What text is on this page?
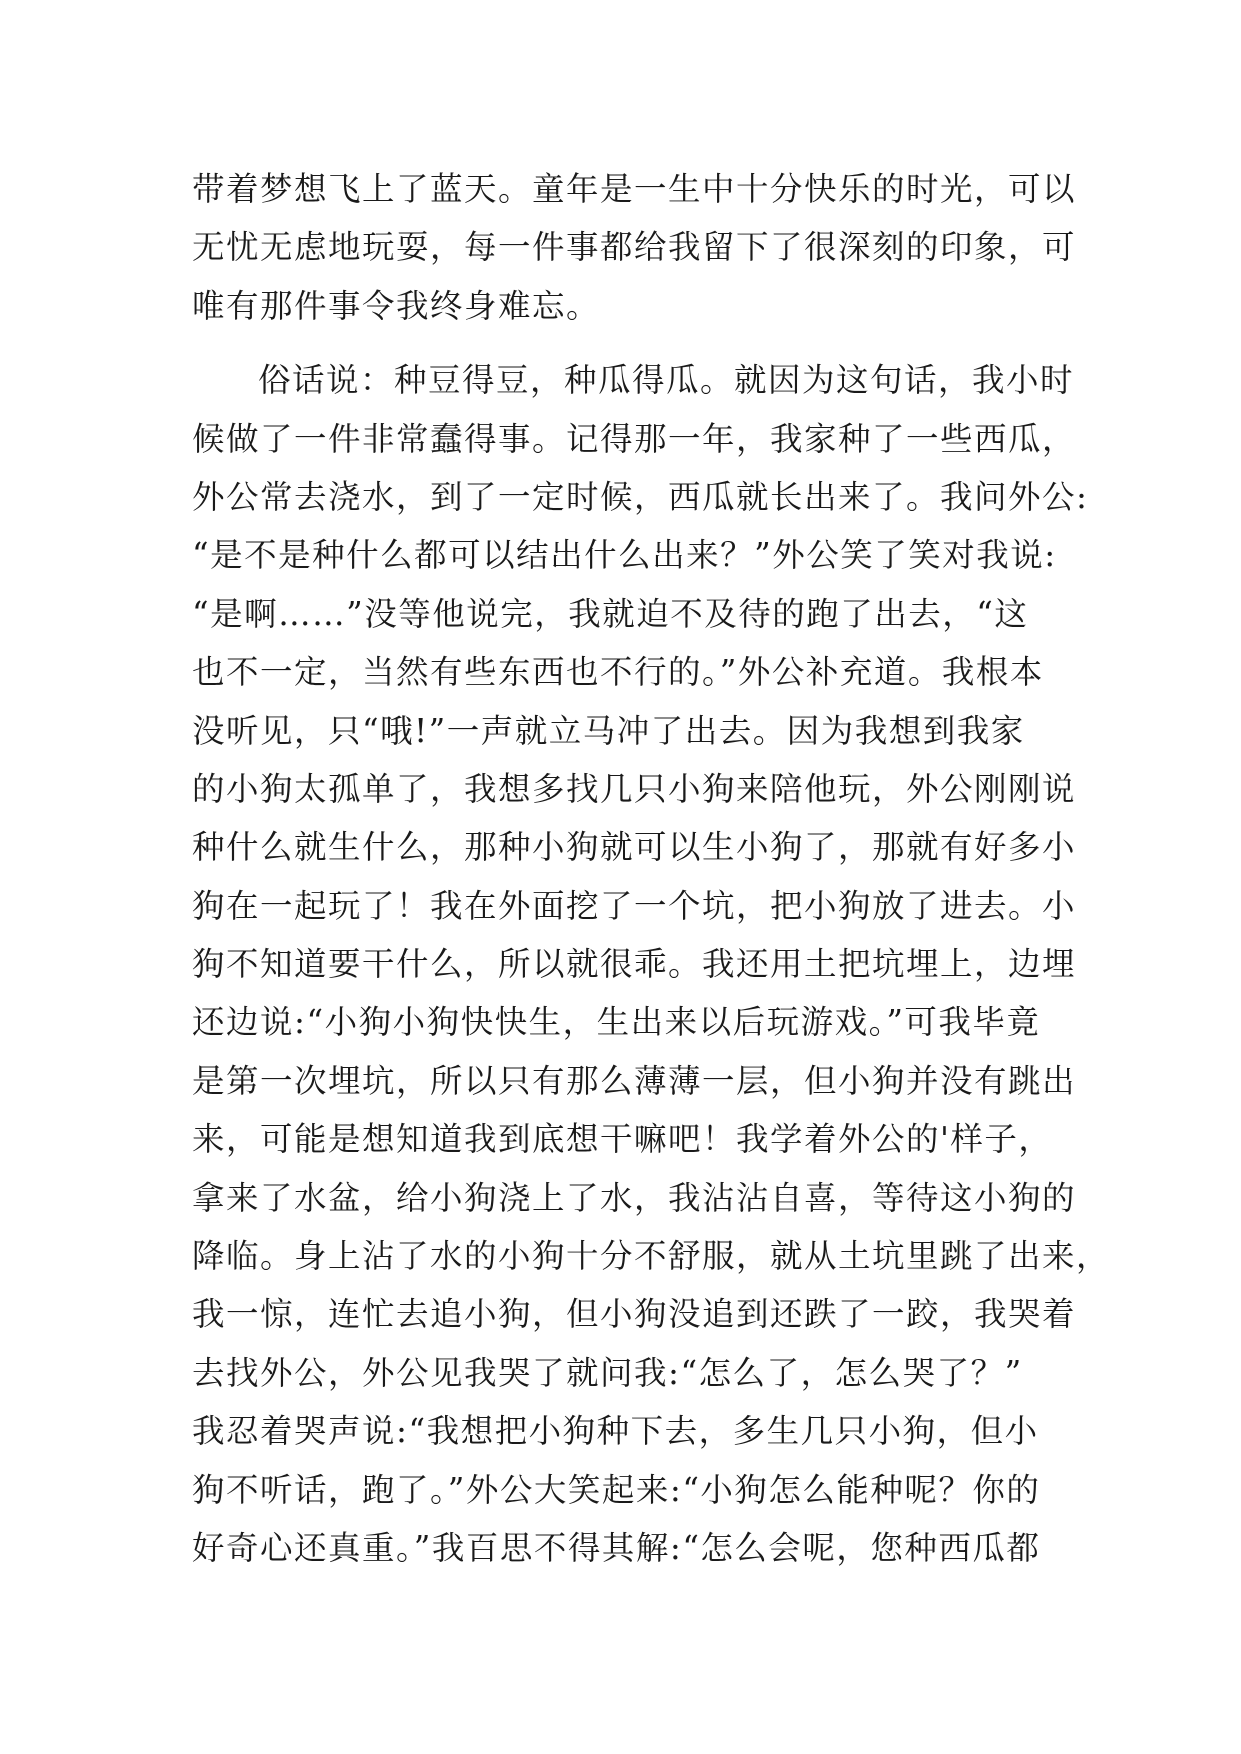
带着梦想飞上了蓝天。童年是一生中十分快乐的时光，可以
无忧无虑地玩耍，每一件事都给我留下了很深刻的印象，可
唯有那件事令我终身难忘。
俗话说：种豆得豆，种瓜得瓜。就因为这句话，我小时
候做了一件非常蠢得事。记得那一年，我家种了一些西瓜，
外公常去浇水，到了一定时候，西瓜就长出来了。我问外公:
“是不是种什么都可以结出什么出来？”外公笑了笑对我说:
“是啊……”没等他说完，我就迫不及待的跑了出去，“这
也不一定，当然有些东西也不行的。”外公补充道。我根本
没听见，只“哦!”一声就立马冲了出去。因为我想到我家
的小狗太孤单了，我想多找几只小狗来陪他玩，外公刚刚说
种什么就生什么，那种小狗就可以生小狗了，那就有好多小
狗在一起玩了！我在外面挖了一个坑，把小狗放了进去。小
狗不知道要干什么，所以就很乖。我还用土把坑埋上，边埋
还边说:“小狗小狗快快生，生出来以后玩游戏。”可我毕竟
是第一次埋坑，所以只有那么薄薄一层，但小狗并没有跳出
来，可能是想知道我到底想干嘛吧！我学着外公的'样子，
拿来了水盆，给小狗浇上了水，我沾沾自喜，等待这小狗的
降临。身上沾了水的小狗十分不舒服，就从土坑里跳了出来，
我一惊，连忙去追小狗，但小狗没追到还跌了一跤，我哭着
去找外公，外公见我哭了就问我:“怎么了，怎么哭了？”
我忍着哭声说:“我想把小狗种下去，多生几只小狗，但小
狗不听话，跑了。”外公大笑起来:“小狗怎么能种呢？你的
好奇心还真重。”我百思不得其解:“怎么会呢，您种西瓜都
